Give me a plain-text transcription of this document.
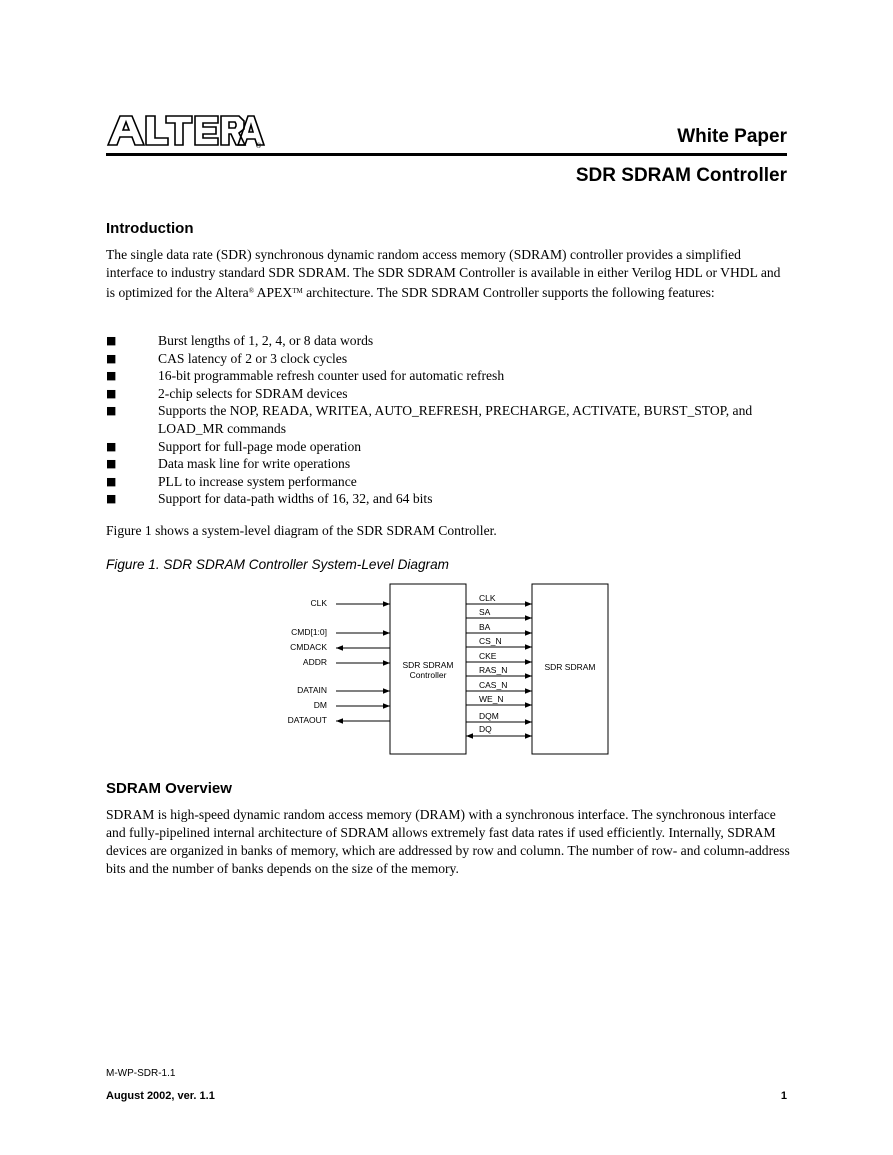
®	White Paper
SDR SDRAM Controller
Introduction

The single data rate (SDR) synchronous dynamic random access memory (SDRAM) controller provides a simplified interface to industry standard SDR SDRAM. The SDR SDRAM Controller is available in either Verilog HDL or VHDL and is optimized for the Altera® APEX™ architecture. The SDR SDRAM Controller supports the following features:

■	Burst lengths of 1, 2, 4, or 8 data words
■	CAS latency of 2 or 3 clock cycles
■	16-bit programmable refresh counter used for automatic refresh
■	2-chip selects for SDRAM devices
■	Supports the NOP, READA, WRITEA, AUTO_REFRESH, PRECHARGE, ACTIVATE, BURST_STOP, and LOAD_MR commands
■	Support for full-page mode operation
■	Data mask line for write operations
■	PLL to increase system performance
■	Support for data-path widths of 16, 32, and 64 bits

Figure 1 shows a system-level diagram of the SDR SDRAM Controller.

Figure 1. SDR SDRAM Controller System-Level Diagram
SDR SDRAM
Controller
SDR SDRAM
CLK
CMD[1:0]
CMDACK
ADDR
DATAIN
DM
DATAOUT
CLK
SA
BA
CS_N
CKE
RAS_N
CAS_N
WE_N
DQM
DQ
SDRAM Overview

SDRAM is high-speed dynamic random access memory (DRAM) with a synchronous interface. The synchronous interface and fully-pipelined internal architecture of SDRAM allows extremely fast data rates if used efficiently. Internally, SDRAM devices are organized in banks of memory, which are addressed by row and column. The number of row- and column-address bits and the number of banks depends on the size of the memory.

M-WP-SDR-1.1
August 2002, ver. 1.1	1
